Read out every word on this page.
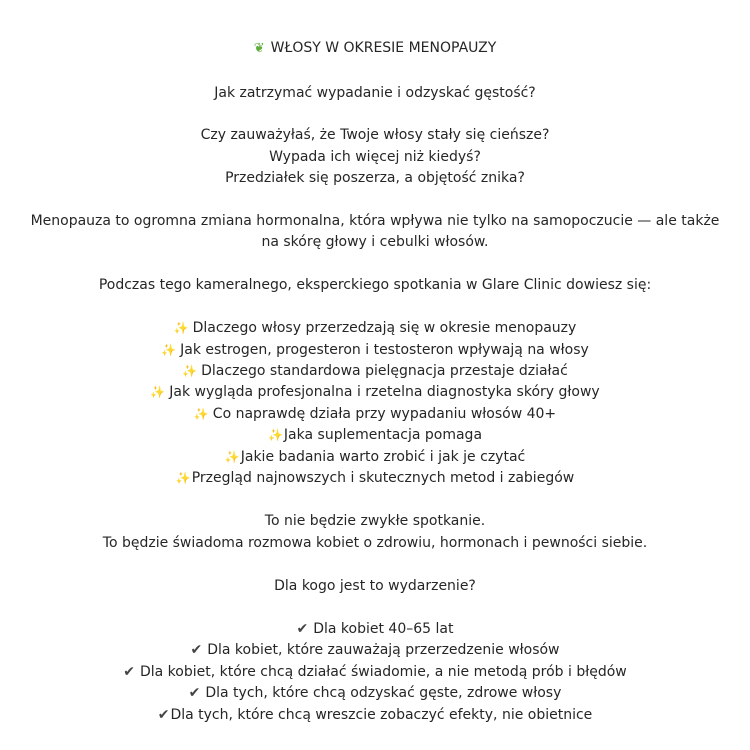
❦ WŁOSY W OKRESIE MENOPAUZY
Jak zatrzymać wypadanie i odzyskać gęstość?
Czy zauważyłaś, że Twoje włosy stały się cieńsze?
Wypada ich więcej niż kiedyś?
Przedziałek się poszerza, a objętość znika?
Menopauza to ogromna zmiana hormonalna, która wpływa nie tylko na samopoczucie — ale także
na skórę głowy i cebulki włosów.
Podczas tego kameralnego, eksperckiego spotkania w Glare Clinic dowiesz się:
✨ Dlaczego włosy przerzedzają się w okresie menopauzy
✨ Jak estrogen, progesteron i testosteron wpływają na włosy
✨ Dlaczego standardowa pielęgnacja przestaje działać
✨ Jak wygląda profesjonalna i rzetelna diagnostyka skóry głowy
✨ Co naprawdę działa przy wypadaniu włosów 40+
✨Jaka suplementacja pomaga
✨Jakie badania warto zrobić i jak je czytać
✨Przegląd najnowszych i skutecznych metod i zabiegów
To nie będzie zwykłe spotkanie.
To będzie świadoma rozmowa kobiet o zdrowiu, hormonach i pewności siebie.
Dla kogo jest to wydarzenie?
✔ Dla kobiet 40–65 lat
✔ Dla kobiet, które zauważają przerzedzenie włosów
✔ Dla kobiet, które chcą działać świadomie, a nie metodą prób i błędów
✔ Dla tych, które chcą odzyskać gęste, zdrowe włosy
✔Dla tych, które chcą wreszcie zobaczyć efekty, nie obietnice
